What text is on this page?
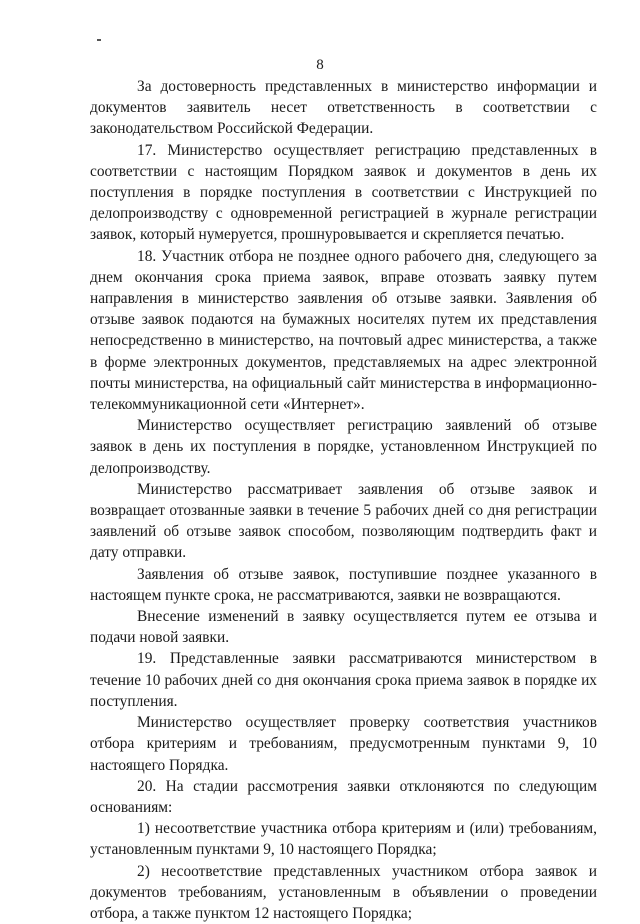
8

За достоверность представленных в министерство информации и документов заявитель несет ответственность в соответствии с законодательством Российской Федерации.

17. Министерство осуществляет регистрацию представленных в соответствии с настоящим Порядком заявок и документов в день их поступления в порядке поступления в соответствии с Инструкцией по делопроизводству с одновременной регистрацией в журнале регистрации заявок, который нумеруется, прошнуровывается и скрепляется печатью.

18. Участник отбора не позднее одного рабочего дня, следующего за днем окончания срока приема заявок, вправе отозвать заявку путем направления в министерство заявления об отзыве заявки. Заявления об отзыве заявок подаются на бумажных носителях путем их представления непосредственно в министерство, на почтовый адрес министерства, а также в форме электронных документов, представляемых на адрес электронной почты министерства, на официальный сайт министерства в информационно-телекоммуникационной сети «Интернет».

Министерство осуществляет регистрацию заявлений об отзыве заявок в день их поступления в порядке, установленном Инструкцией по делопроизводству.

Министерство рассматривает заявления об отзыве заявок и возвращает отозванные заявки в течение 5 рабочих дней со дня регистрации заявлений об отзыве заявок способом, позволяющим подтвердить факт и дату отправки.

Заявления об отзыве заявок, поступившие позднее указанного в настоящем пункте срока, не рассматриваются, заявки не возвращаются.

Внесение изменений в заявку осуществляется путем ее отзыва и подачи новой заявки.

19. Представленные заявки рассматриваются министерством в течение 10 рабочих дней со дня окончания срока приема заявок в порядке их поступления.

Министерство осуществляет проверку соответствия участников отбора критериям и требованиям, предусмотренным пунктами 9, 10 настоящего Порядка.

20. На стадии рассмотрения заявки отклоняются по следующим основаниям:

1) несоответствие участника отбора критериям и (или) требованиям, установленным пунктами 9, 10 настоящего Порядка;

2) несоответствие представленных участником отбора заявок и документов требованиям, установленным в объявлении о проведении отбора, а также пунктом 12 настоящего Порядка;
